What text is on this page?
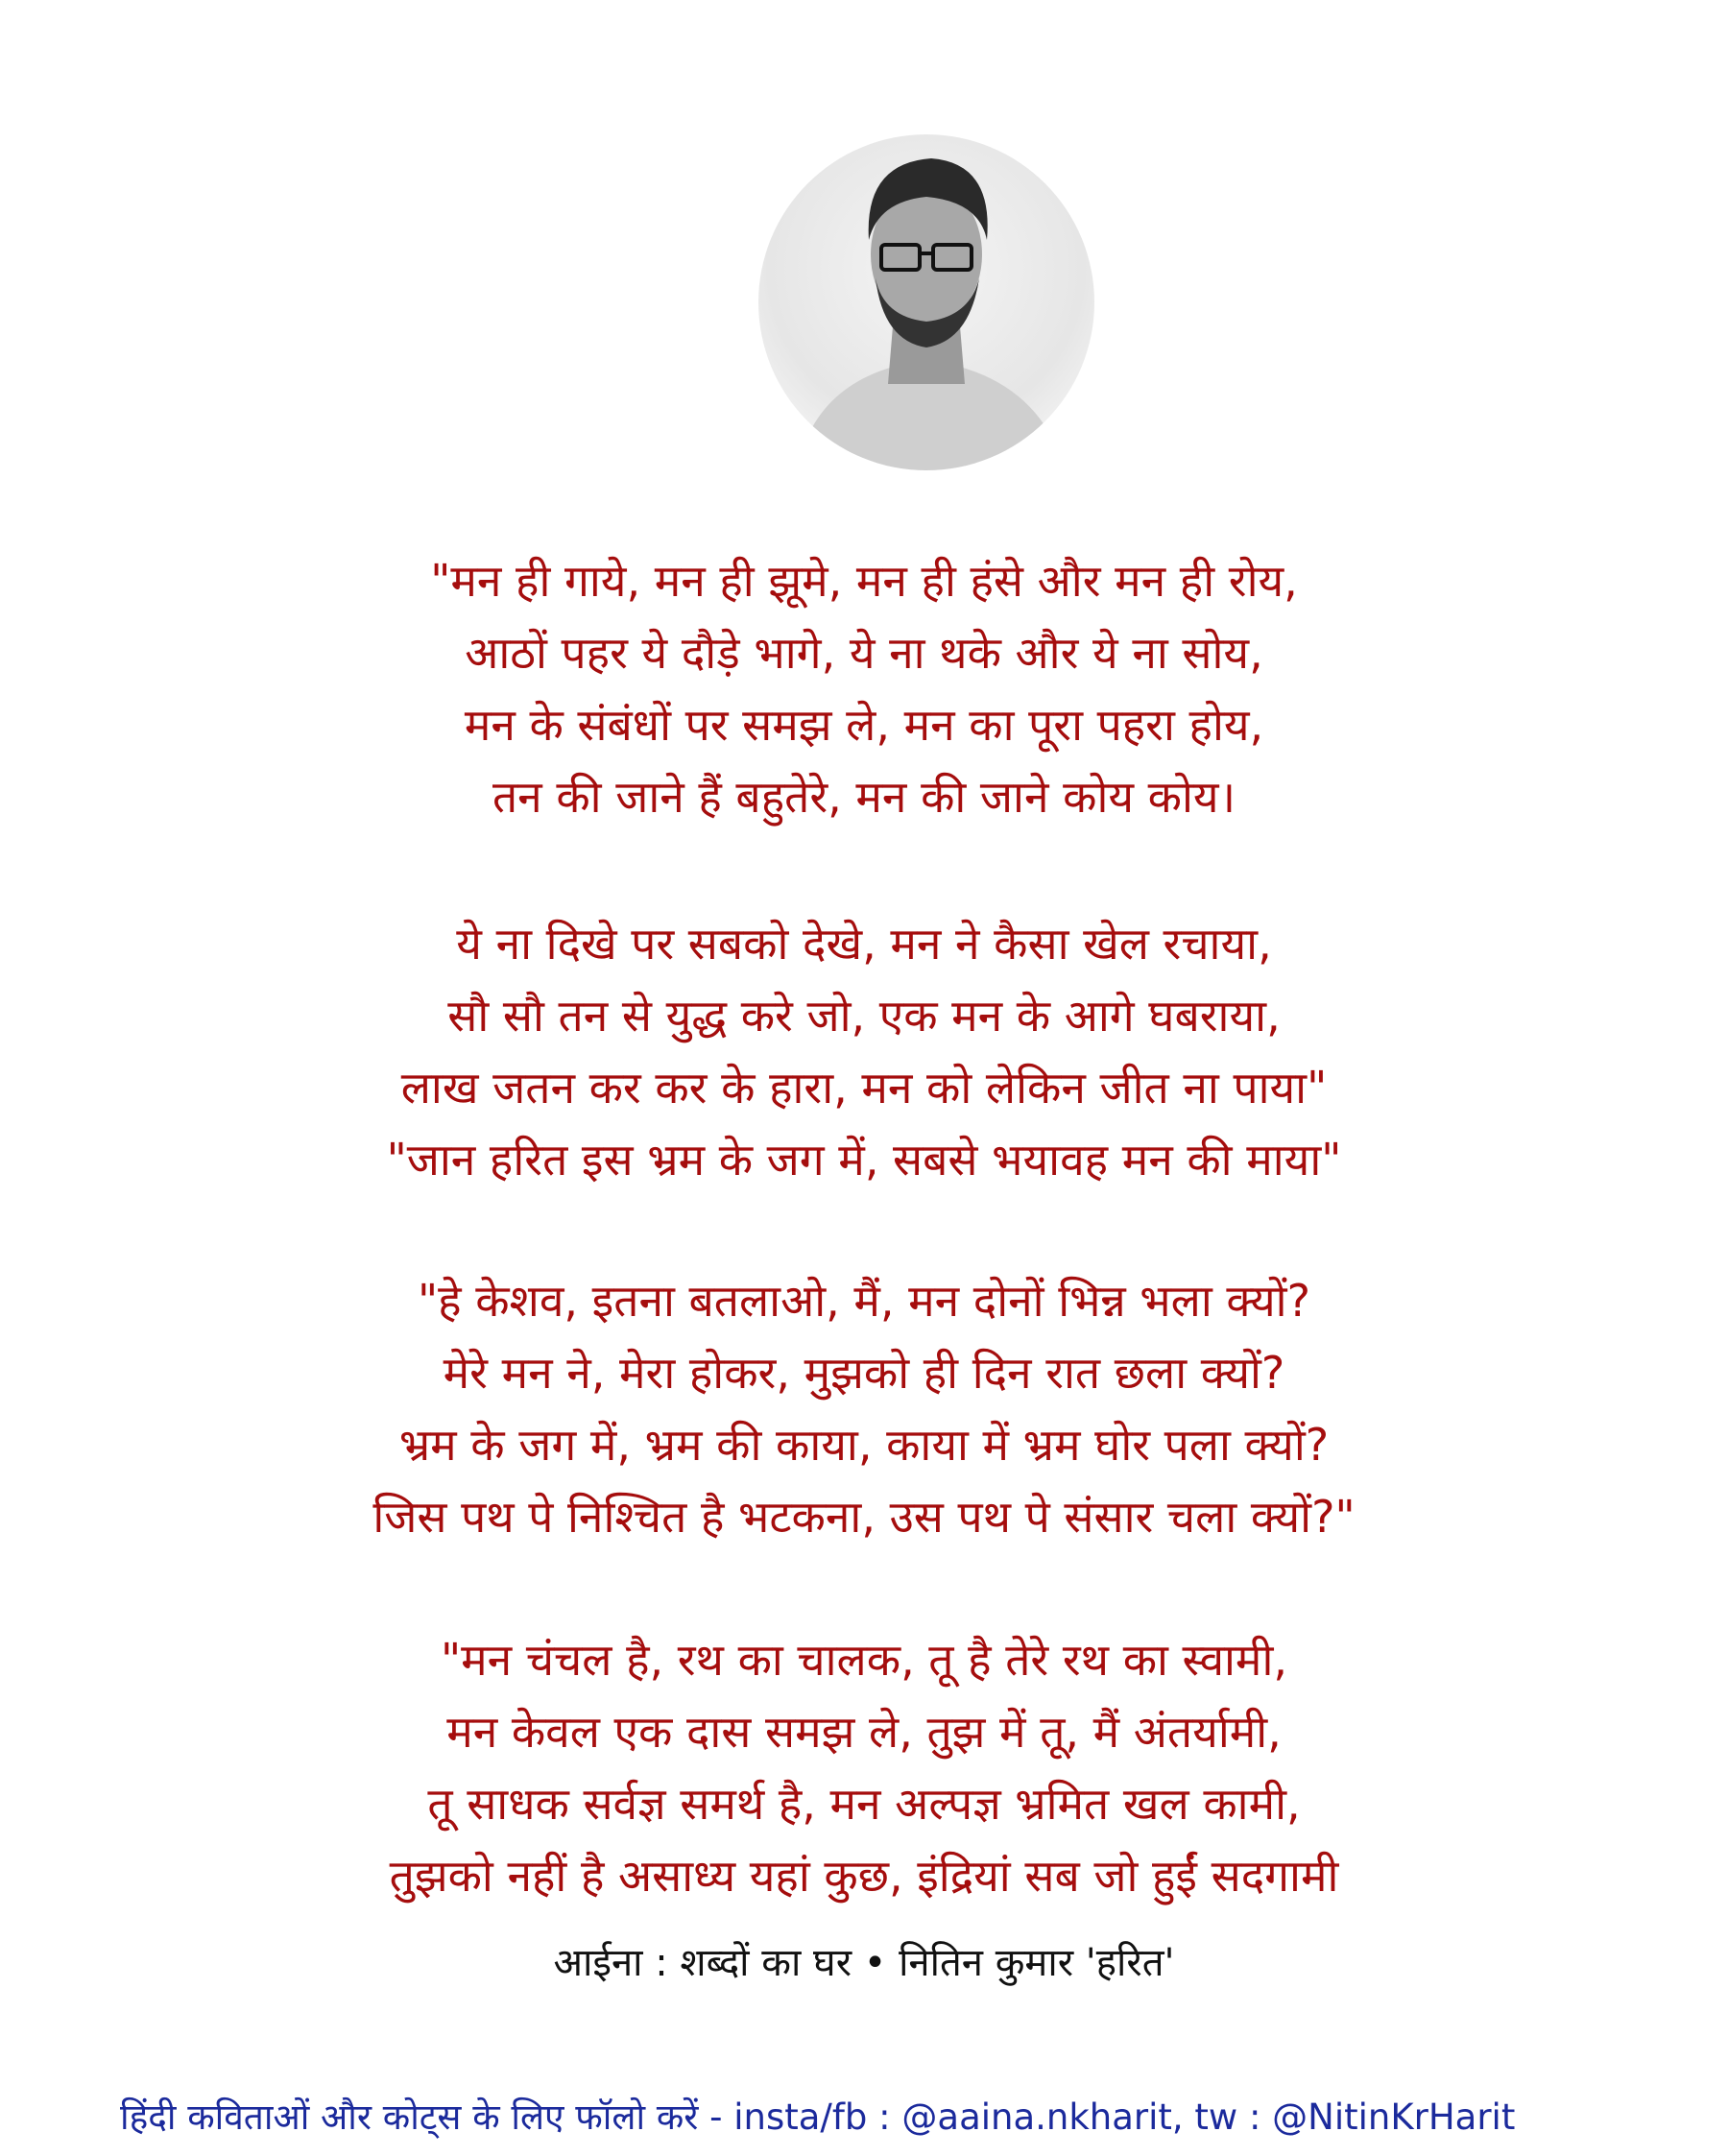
"मन ही गाये, मन ही झूमे, मन ही हंसे और मन ही रोय,
आठों पहर ये दौड़े भागे, ये ना थके और ये ना सोय,
मन के संबंधों पर समझ ले, मन का पूरा पहरा होय,
तन की जाने हैं बहुतेरे, मन की जाने कोय कोय।
ये ना दिखे पर सबको देखे, मन ने कैसा खेल रचाया,
सौ सौ तन से युद्ध करे जो, एक मन के आगे घबराया,
लाख जतन कर कर के हारा, मन को लेकिन जीत ना पाया"
"जान हरित इस भ्रम के जग में, सबसे भयावह मन की माया"
"हे केशव, इतना बतलाओ, मैं, मन दोनों भिन्न भला क्यों?
मेरे मन ने, मेरा होकर, मुझको ही दिन रात छला क्यों?
भ्रम के जग में, भ्रम की काया, काया में भ्रम घोर पला क्यों?
जिस पथ पे निश्चित है भटकना, उस पथ पे संसार चला क्यों?"
"मन चंचल है, रथ का चालक, तू है तेरे रथ का स्वामी,
मन केवल एक दास समझ ले, तुझ में तू, मैं अंतर्यामी,
तू साधक सर्वज्ञ समर्थ है, मन अल्पज्ञ भ्रमित खल कामी,
तुझको नहीं है असाध्य यहां कुछ, इंद्रियां सब जो हुईं सदगामी
आईना : शब्दों का घर • नितिन कुमार 'हरित'
हिंदी कविताओं और कोट्स के लिए फॉलो करें - insta/fb : @aaina.nkharit, tw : @NitinKrHarit
